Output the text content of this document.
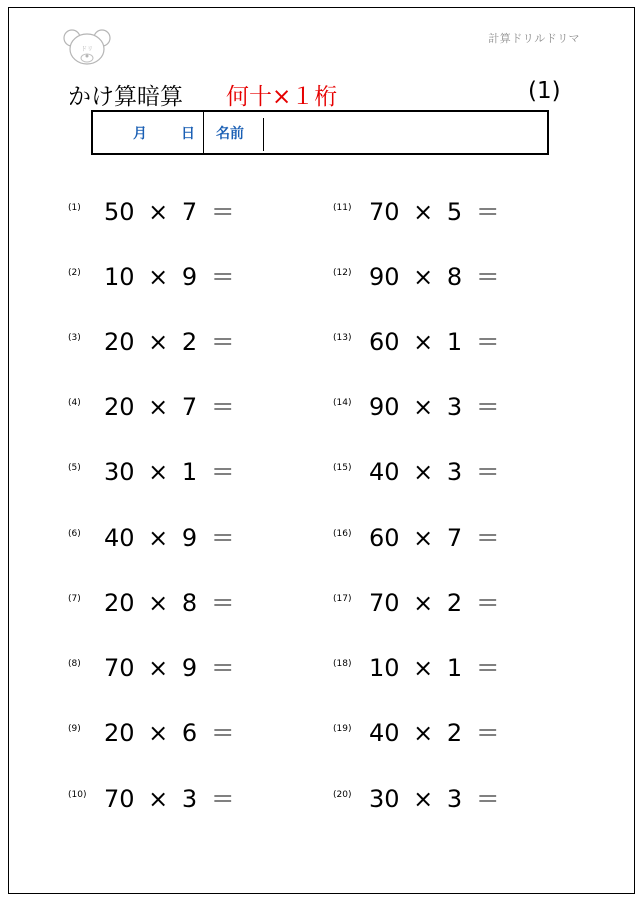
ドリ
計算ドリルドリマ
かけ算暗算 何十×１桁	(1)
月 日 名前
(1) 50 × 7 ＝
(2) 10 × 9 ＝
(3) 20 × 2 ＝
(4) 20 × 7 ＝
(5) 30 × 1 ＝
(6) 40 × 9 ＝
(7) 20 × 8 ＝
(8) 70 × 9 ＝
(9) 20 × 6 ＝
(10) 70 × 3 ＝
(11) 70 × 5 ＝
(12) 90 × 8 ＝
(13) 60 × 1 ＝
(14) 90 × 3 ＝
(15) 40 × 3 ＝
(16) 60 × 7 ＝
(17) 70 × 2 ＝
(18) 10 × 1 ＝
(19) 40 × 2 ＝
(20) 30 × 3 ＝
